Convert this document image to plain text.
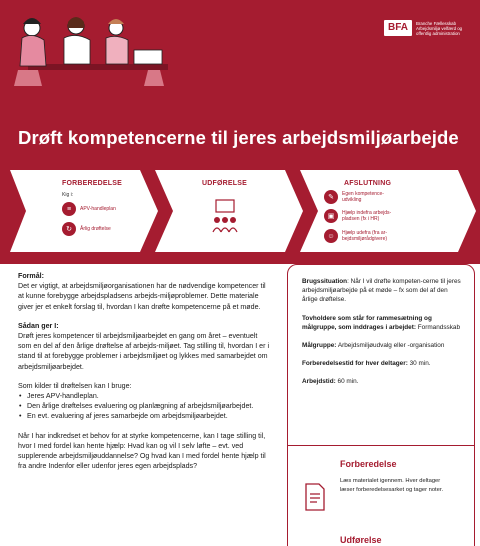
BFA	Branche Fællesskab Arbejdsmiljø velfærd og offentlig administration
Drøft kompetencerne til jeres arbejdsmiljøarbejde
FORBEREDELSE
Kig i:
≡	APV-handleplan
↻	Årlig drøftelse
UDFØRELSE	AFSLUTNING
✎	Egen kompetence-udvikling
▣	Hjælp indefra arbejds-pladsen (fx i HR)
☺	Hjælp udefra (fra ar-bejdsmiljørådgivere)
Formål:

Det er vigtigt, at arbejdsmiljøorganisationen har de nødvendige kompetencer til at kunne forebygge arbejdspladsens arbejds-miljøproblemer. Dette materiale giver jer et enkelt forslag til, hvordan I kan drøfte kompetencerne på et møde.

Sådan ger I:

Drøft jeres kompetencer til arbejdsmiljøarbejdet en gang om året – eventuelt som en del af den årlige drøftelse af arbejds-miljøet. Tag stilling til, hvordan I er i stand til at forebygge problemer i arbejdsmiljøet og lykkes med samarbejdet om arbejdsmiljøarbejdet.

Som kilder til drøftelsen kan I bruge:
• Jeres APV-handleplan.
• Den årlige drøftelses evaluering og planlægning af arbejdsmiljøarbejdet.
• En evt. evaluering af jeres samarbejde om arbejdsmiljøarbejdet.

Når I har indkredset et behov for at styrke kompetencerne, kan I tage stilling til, hvor I med fordel kan hente hjælp: Hvad kan og vil I selv løfte – evt. ved supplerende arbejdsmiljøuddannelse? Og hvad kan I med fordel hente hjælp til fra andre Indenfor eller udenfor jeres egen arbejdsplads?

Brugssituation: Når I vil drøfte kompeten-cerne til jeres arbejdsmiljøarbejde på et møde – fx som del af den årlige drøftelse.
Tovholdere som står for rammesætning og målgruppe, som inddrages i arbejdet: Formandsskab
Målgruppe: Arbejdsmiljøudvalg eller -organisation
Forberedelsestid for hver deltager: 30 min.
Arbejdstid: 60 min.
Forberedelse
Læs materialet igennem. Hver deltager læser forberedelsesarket og tager noter.
Udførelse
